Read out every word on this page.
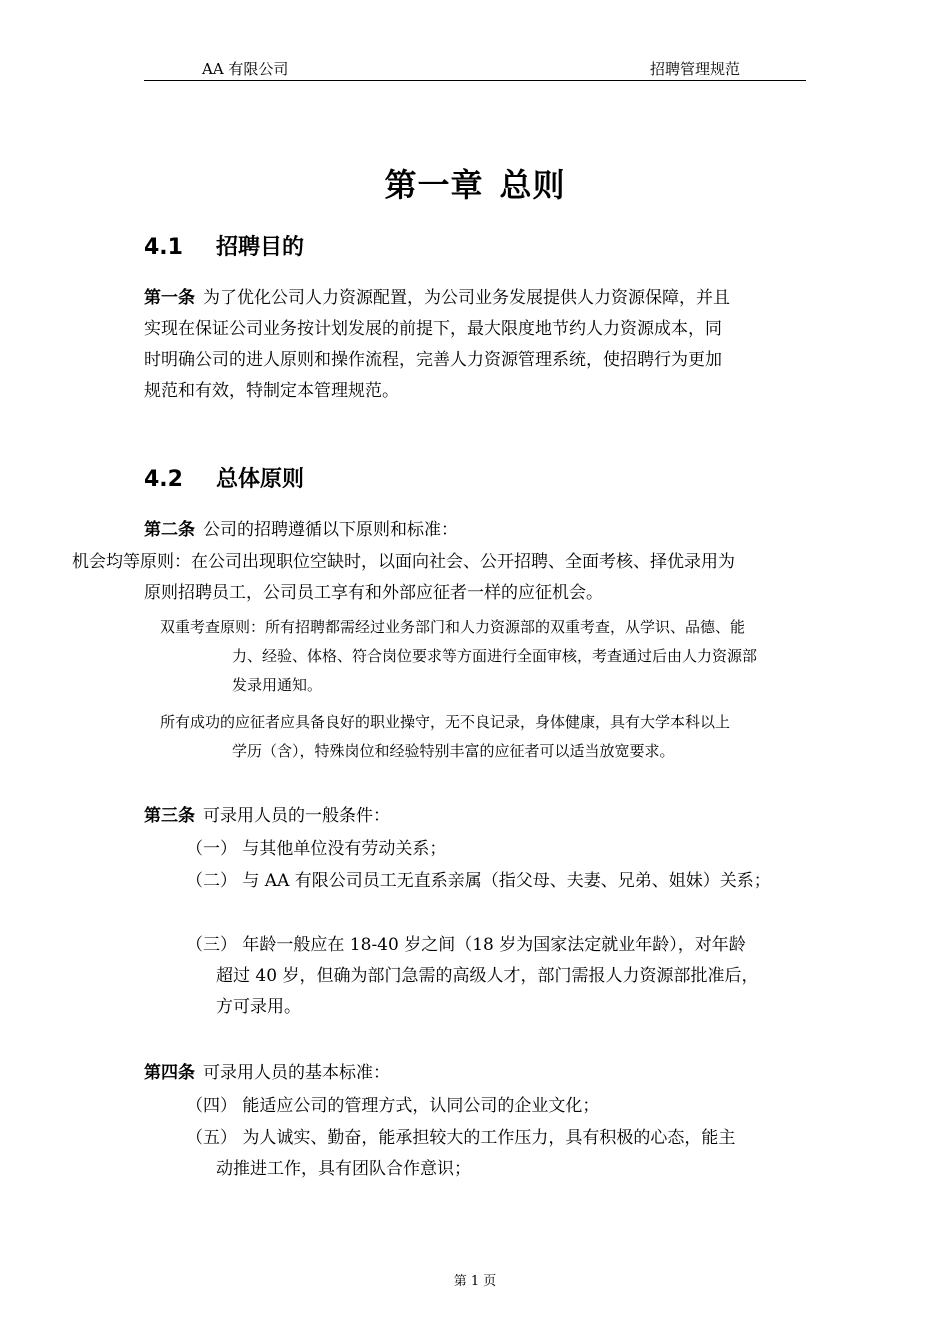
AA 有限公司	招聘管理规范
第一章 总则
4.1 招聘目的
第一条 为了优化公司人力资源配置，为公司业务发展提供人力资源保障，并且
实现在保证公司业务按计划发展的前提下，最大限度地节约人力资源成本，同
时明确公司的进人原则和操作流程，完善人力资源管理系统，使招聘行为更加
规范和有效，特制定本管理规范。
4.2 总体原则
第二条 公司的招聘遵循以下原则和标准：
机会均等原则：在公司出现职位空缺时，以面向社会、公开招聘、全面考核、择优录用为
原则招聘员工，公司员工享有和外部应征者一样的应征机会。
双重考查原则：所有招聘都需经过业务部门和人力资源部的双重考查，从学识、品德、能
力、经验、体格、符合岗位要求等方面进行全面审核，考查通过后由人力资源部
发录用通知。
所有成功的应征者应具备良好的职业操守，无不良记录，身体健康，具有大学本科以上
学历（含），特殊岗位和经验特别丰富的应征者可以适当放宽要求。
第三条 可录用人员的一般条件：
（一） 与其他单位没有劳动关系；
（二） 与 AA 有限公司员工无直系亲属（指父母、夫妻、兄弟、姐妹）关系；
（三） 年龄一般应在 18-40 岁之间（18 岁为国家法定就业年龄），对年龄
超过 40 岁，但确为部门急需的高级人才，部门需报人力资源部批准后，
方可录用。
第四条 可录用人员的基本标准：
（四） 能适应公司的管理方式，认同公司的企业文化；
（五） 为人诚实、勤奋，能承担较大的工作压力，具有积极的心态，能主
动推进工作，具有团队合作意识；
第 1 页
